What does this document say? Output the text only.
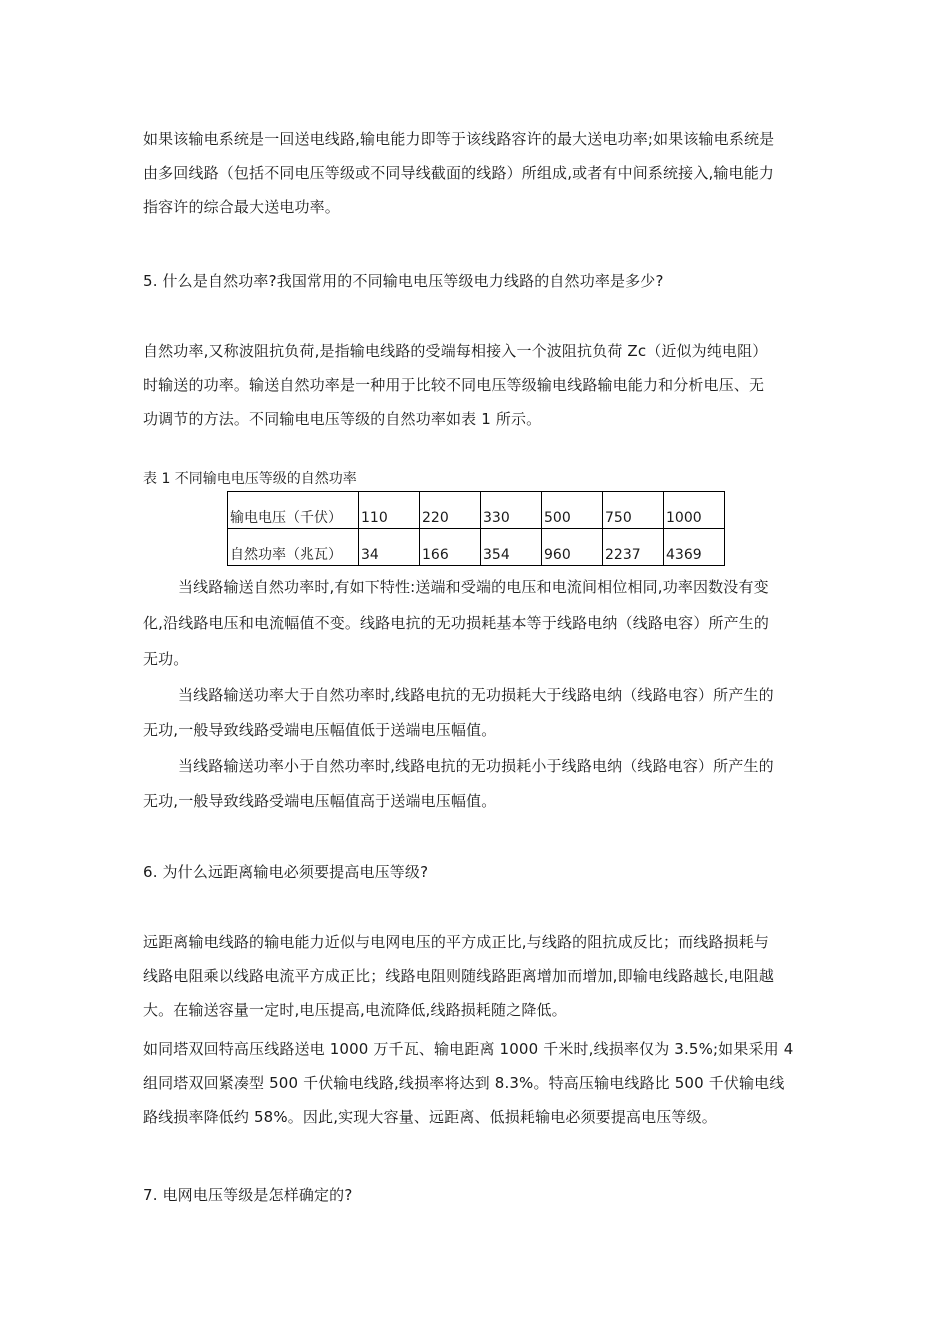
如果该输电系统是一回送电线路,输电能力即等于该线路容许的最大送电功率;如果该输电系统是
由多回线路（包括不同电压等级或不同导线截面的线路）所组成,或者有中间系统接入,输电能力
指容许的综合最大送电功率。
5. 什么是自然功率?我国常用的不同输电电压等级电力线路的自然功率是多少?
自然功率,又称波阻抗负荷,是指输电线路的受端每相接入一个波阻抗负荷 Zc（近似为纯电阻）
时输送的功率。输送自然功率是一种用于比较不同电压等级输电线路输电能力和分析电压、无
功调节的方法。不同输电电压等级的自然功率如表 1 所示。
表 1 不同输电电压等级的自然功率
输电电压（千伏）	110	220	330	500	750	1000
自然功率（兆瓦）	34	166	354	960	2237	4369
当线路输送自然功率时,有如下特性:送端和受端的电压和电流间相位相同,功率因数没有变
化,沿线路电压和电流幅值不变。线路电抗的无功损耗基本等于线路电纳（线路电容）所产生的
无功。
当线路输送功率大于自然功率时,线路电抗的无功损耗大于线路电纳（线路电容）所产生的
无功,一般导致线路受端电压幅值低于送端电压幅值。
当线路输送功率小于自然功率时,线路电抗的无功损耗小于线路电纳（线路电容）所产生的
无功,一般导致线路受端电压幅值高于送端电压幅值。
6. 为什么远距离输电必须要提高电压等级?
远距离输电线路的输电能力近似与电网电压的平方成正比,与线路的阻抗成反比；而线路损耗与
线路电阻乘以线路电流平方成正比；线路电阻则随线路距离增加而增加,即输电线路越长,电阻越
大。在输送容量一定时,电压提高,电流降低,线路损耗随之降低。
如同塔双回特高压线路送电 1000 万千瓦、输电距离 1000 千米时,线损率仅为 3.5%;如果采用 4
组同塔双回紧凑型 500 千伏输电线路,线损率将达到 8.3%。特高压输电线路比 500 千伏输电线
路线损率降低约 58%。因此,实现大容量、远距离、低损耗输电必须要提高电压等级。
7. 电网电压等级是怎样确定的?
